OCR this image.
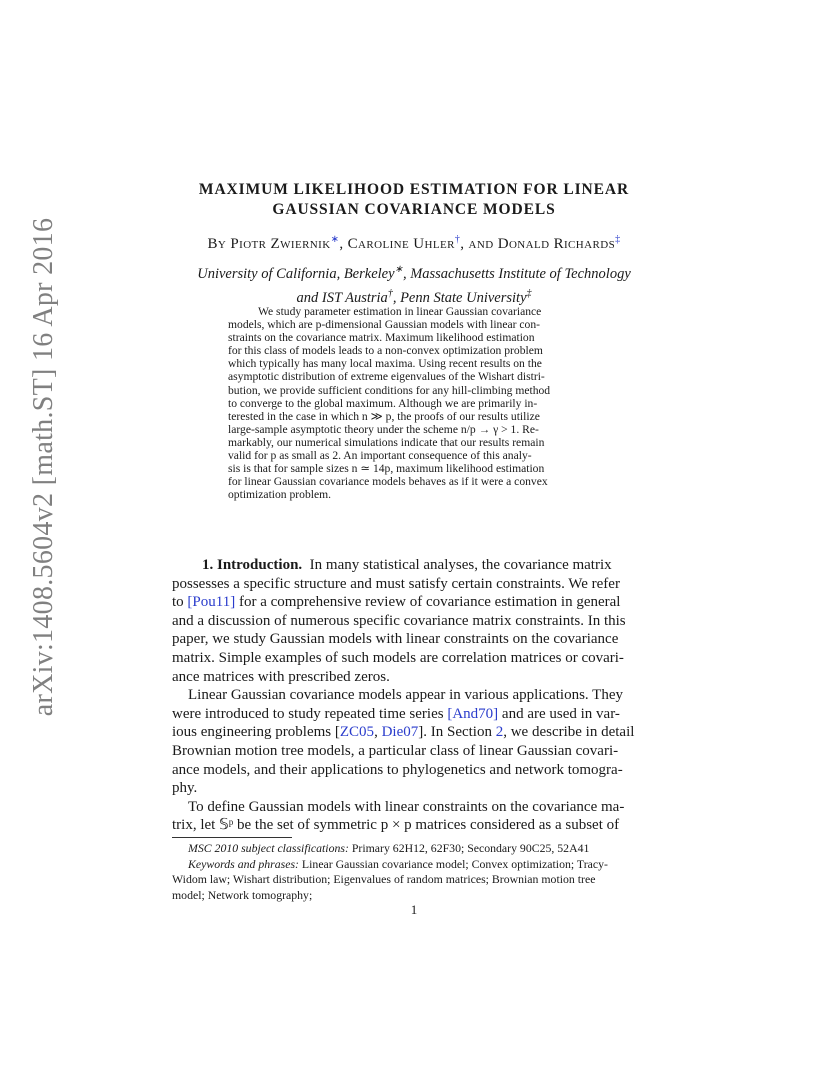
arXiv:1408.5604v2 [math.ST] 16 Apr 2016
MAXIMUM LIKELIHOOD ESTIMATION FOR LINEAR
GAUSSIAN COVARIANCE MODELS
By Piotr Zwiernik∗, Caroline Uhler†, and Donald Richards‡
University of California, Berkeley∗, Massachusetts Institute of Technology
and IST Austria†, Penn State University‡
We study parameter estimation in linear Gaussian covariance
models, which are p-dimensional Gaussian models with linear con-
straints on the covariance matrix. Maximum likelihood estimation
for this class of models leads to a non-convex optimization problem
which typically has many local maxima. Using recent results on the
asymptotic distribution of extreme eigenvalues of the Wishart distri-
bution, we provide sufficient conditions for any hill-climbing method
to converge to the global maximum. Although we are primarily in-
terested in the case in which n ≫ p, the proofs of our results utilize
large-sample asymptotic theory under the scheme n/p → γ > 1. Re-
markably, our numerical simulations indicate that our results remain
valid for p as small as 2. An important consequence of this analy-
sis is that for sample sizes n ≃ 14p, maximum likelihood estimation
for linear Gaussian covariance models behaves as if it were a convex
optimization problem.
1. Introduction. In many statistical analyses, the covariance matrix
possesses a specific structure and must satisfy certain constraints. We refer
to [Pou11] for a comprehensive review of covariance estimation in general
and a discussion of numerous specific covariance matrix constraints. In this
paper, we study Gaussian models with linear constraints on the covariance
matrix. Simple examples of such models are correlation matrices or covari-
ance matrices with prescribed zeros.
Linear Gaussian covariance models appear in various applications. They
were introduced to study repeated time series [And70] and are used in var-
ious engineering problems [ZC05, Die07]. In Section 2, we describe in detail
Brownian motion tree models, a particular class of linear Gaussian covari-
ance models, and their applications to phylogenetics and network tomogra-
phy.
To define Gaussian models with linear constraints on the covariance ma-
trix, let 𝕊ᵖ be the set of symmetric p × p matrices considered as a subset of
MSC 2010 subject classifications: Primary 62H12, 62F30; Secondary 90C25, 52A41
Keywords and phrases: Linear Gaussian covariance model; Convex optimization; Tracy-
Widom law; Wishart distribution; Eigenvalues of random matrices; Brownian motion tree
model; Network tomography;
1
